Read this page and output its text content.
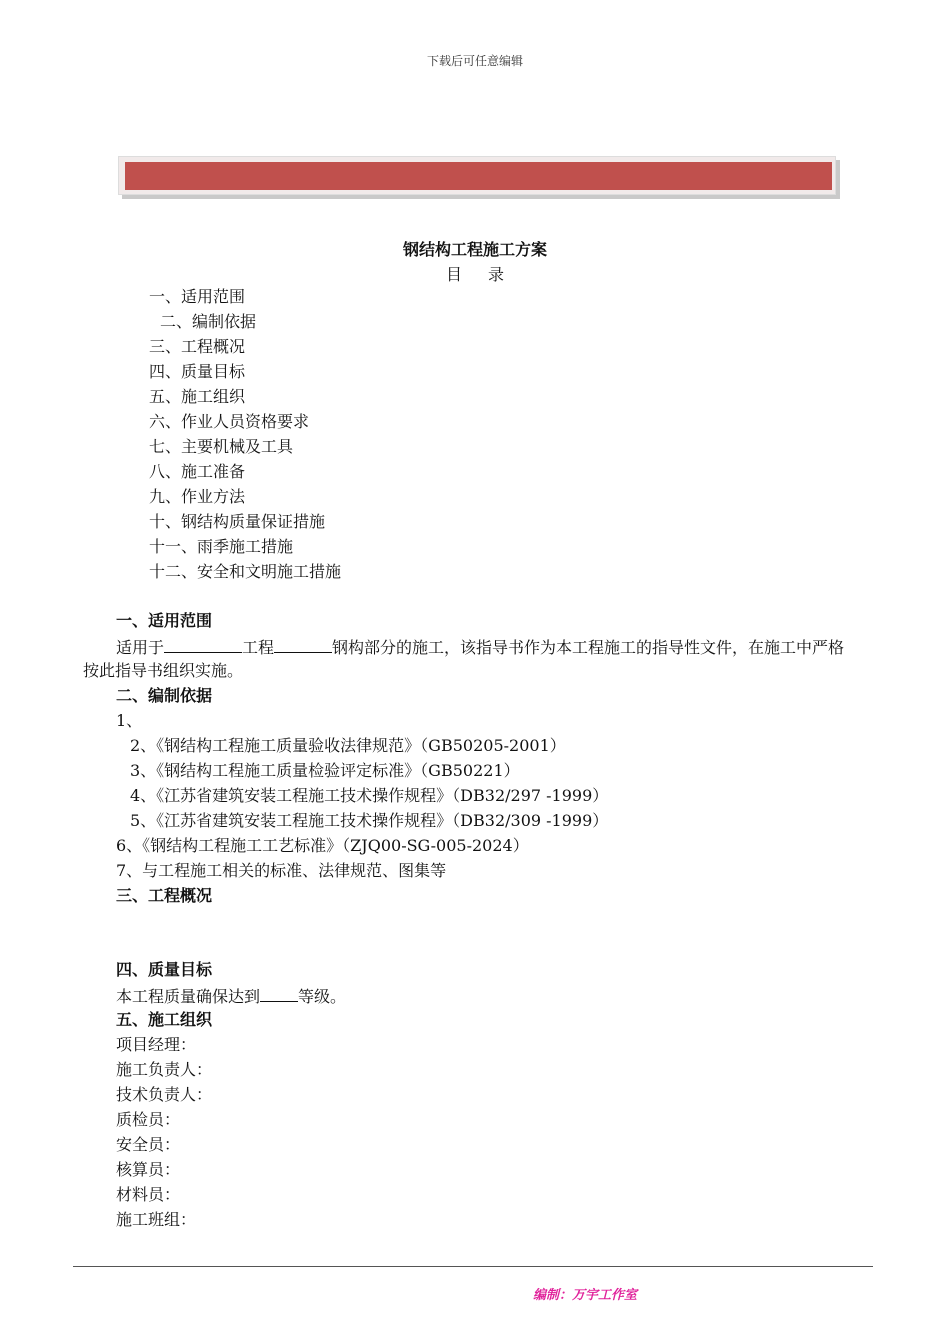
下载后可任意编辑
钢结构工程施工方案
目录
一、适用范围
二、编制依据
三、工程概况
四、质量目标
五、施工组织
六、作业人员资格要求
七、主要机械及工具
八、施工准备
九、作业方法
十、钢结构质量保证措施
十一、雨季施工措施
十二、安全和文明施工措施
一、适用范围
适用于	工程	钢构部分的施工，该指导书作为本工程施工的指导性文件，在施工中严格
按此指导书组织实施。
二、编制依据
1、
2、《钢结构工程施工质量验收法律规范》（GB50205-2001）
3、《钢结构工程施工质量检验评定标准》（GB50221）
4、《江苏省建筑安装工程施工技术操作规程》（DB32/297 -1999）
5、《江苏省建筑安装工程施工技术操作规程》（DB32/309 -1999）
6、《钢结构工程施工工艺标准》（ZJQ00-SG-005-2024）
7、与工程施工相关的标准、法律规范、图集等
三、工程概况
四、质量目标
本工程质量确保达到 等级。
五、施工组织
项目经理：
施工负责人：
技术负责人：
质检员：
安全员：
核算员：
材料员：
施工班组：
编制：万宇工作室
